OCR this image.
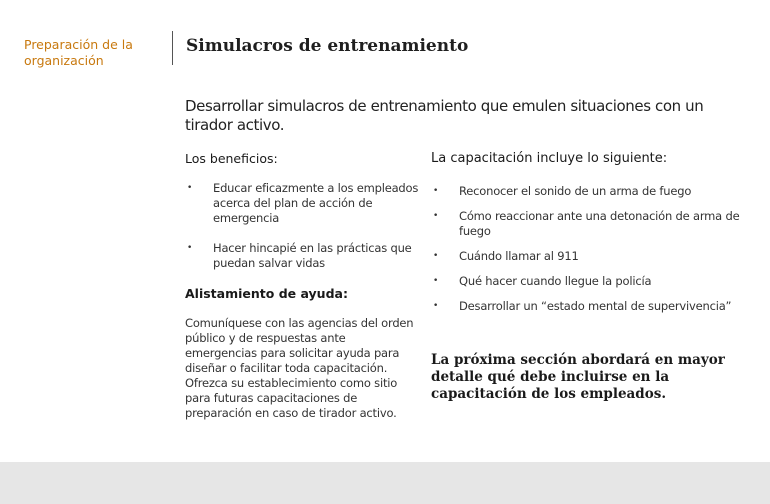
Preparación de la organización
Simulacros de entrenamiento
Desarrollar simulacros de entrenamiento que emulen situaciones con un tirador activo.
Los beneficios:
• Educar eficazmente a los empleados acerca del plan de acción de emergencia
• Hacer hincapié en las prácticas que puedan salvar vidas
Alistamiento de ayuda:
Comuníquese con las agencias del orden público y de respuestas ante emergencias para solicitar ayuda para diseñar o facilitar toda capacitación. Ofrezca su establecimiento como sitio para futuras capacitaciones de preparación en caso de tirador activo.
La capacitación incluye lo siguiente:
• Reconocer el sonido de un arma de fuego
• Cómo reaccionar ante una detonación de arma de fuego
• Cuándo llamar al 911
• Qué hacer cuando llegue la policía
• Desarrollar un “estado mental de supervivencia”
La próxima sección abordará en mayor detalle qué debe incluirse en la capacitación de los empleados.
